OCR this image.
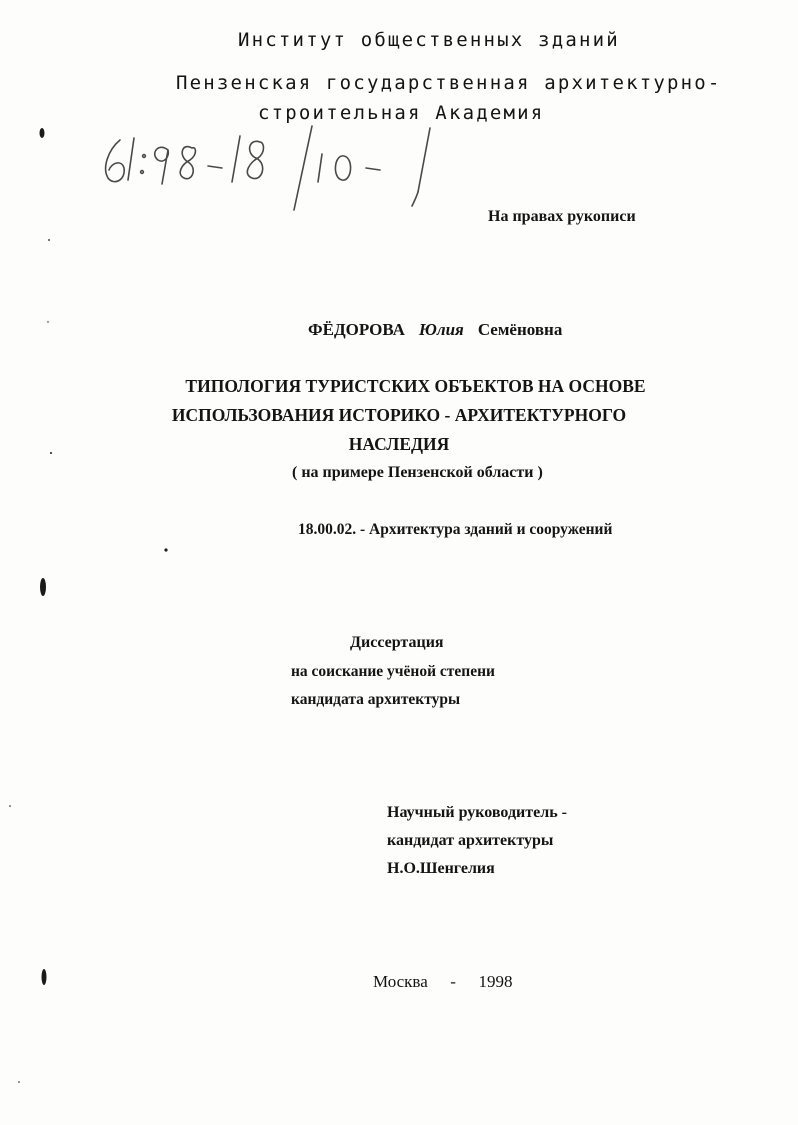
Институт общественных зданий
Пензенская государственная архитектурно-
строительная Академия
На правах рукописи
ФЁДОРОВА Юлия Семёновна
ТИПОЛОГИЯ ТУРИСТСКИХ ОБЪЕКТОВ НА ОСНОВЕ
ИСПОЛЬЗОВАНИЯ ИСТОРИКО - АРХИТЕКТУРНОГО
НАСЛЕДИЯ
( на примере Пензенской области )
18.00.02. - Архитектура зданий и сооружений
Диссертация
на соискание учёной степени
кандидата архитектуры
Научный руководитель -
кандидат архитектуры
Н.О.Шенгелия
Москва - 1998
